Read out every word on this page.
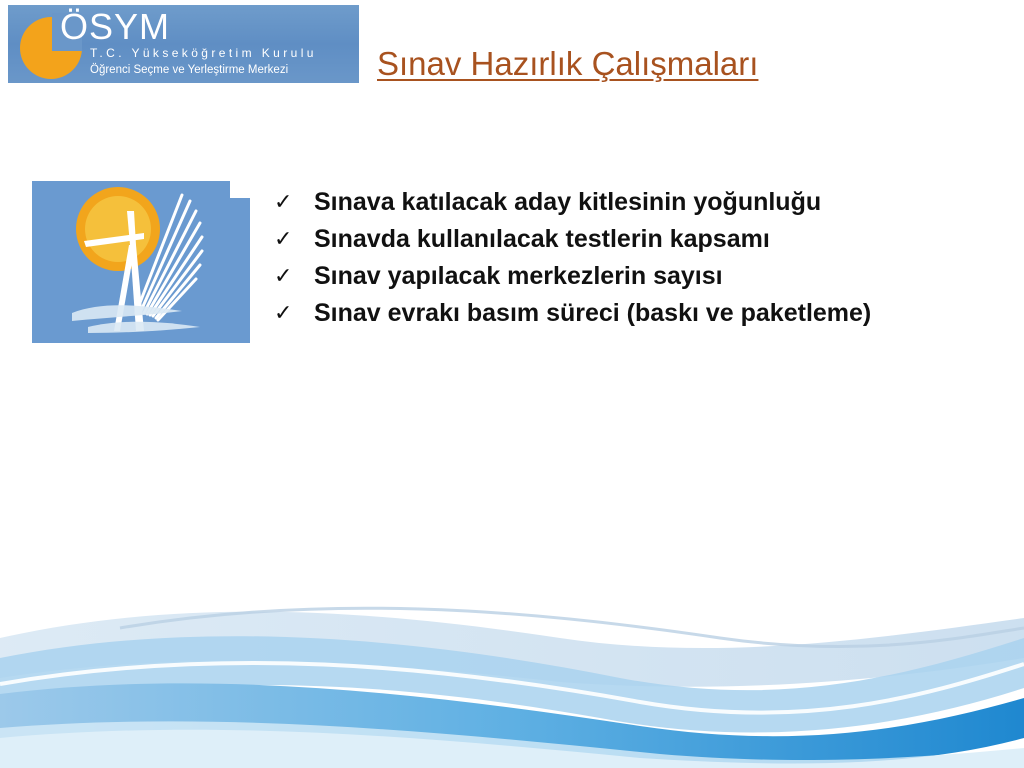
ÖSYM
T.C. Yükseköğretim Kurulu
Öğrenci Seçme ve Yerleştirme Merkezi	Sınav Hazırlık Çalışmaları
✓ Sınava katılacak aday kitlesinin yoğunluğu
✓ Sınavda kullanılacak testlerin kapsamı
✓ Sınav yapılacak merkezlerin sayısı
✓ Sınav evrakı basım süreci (baskı ve paketleme)
